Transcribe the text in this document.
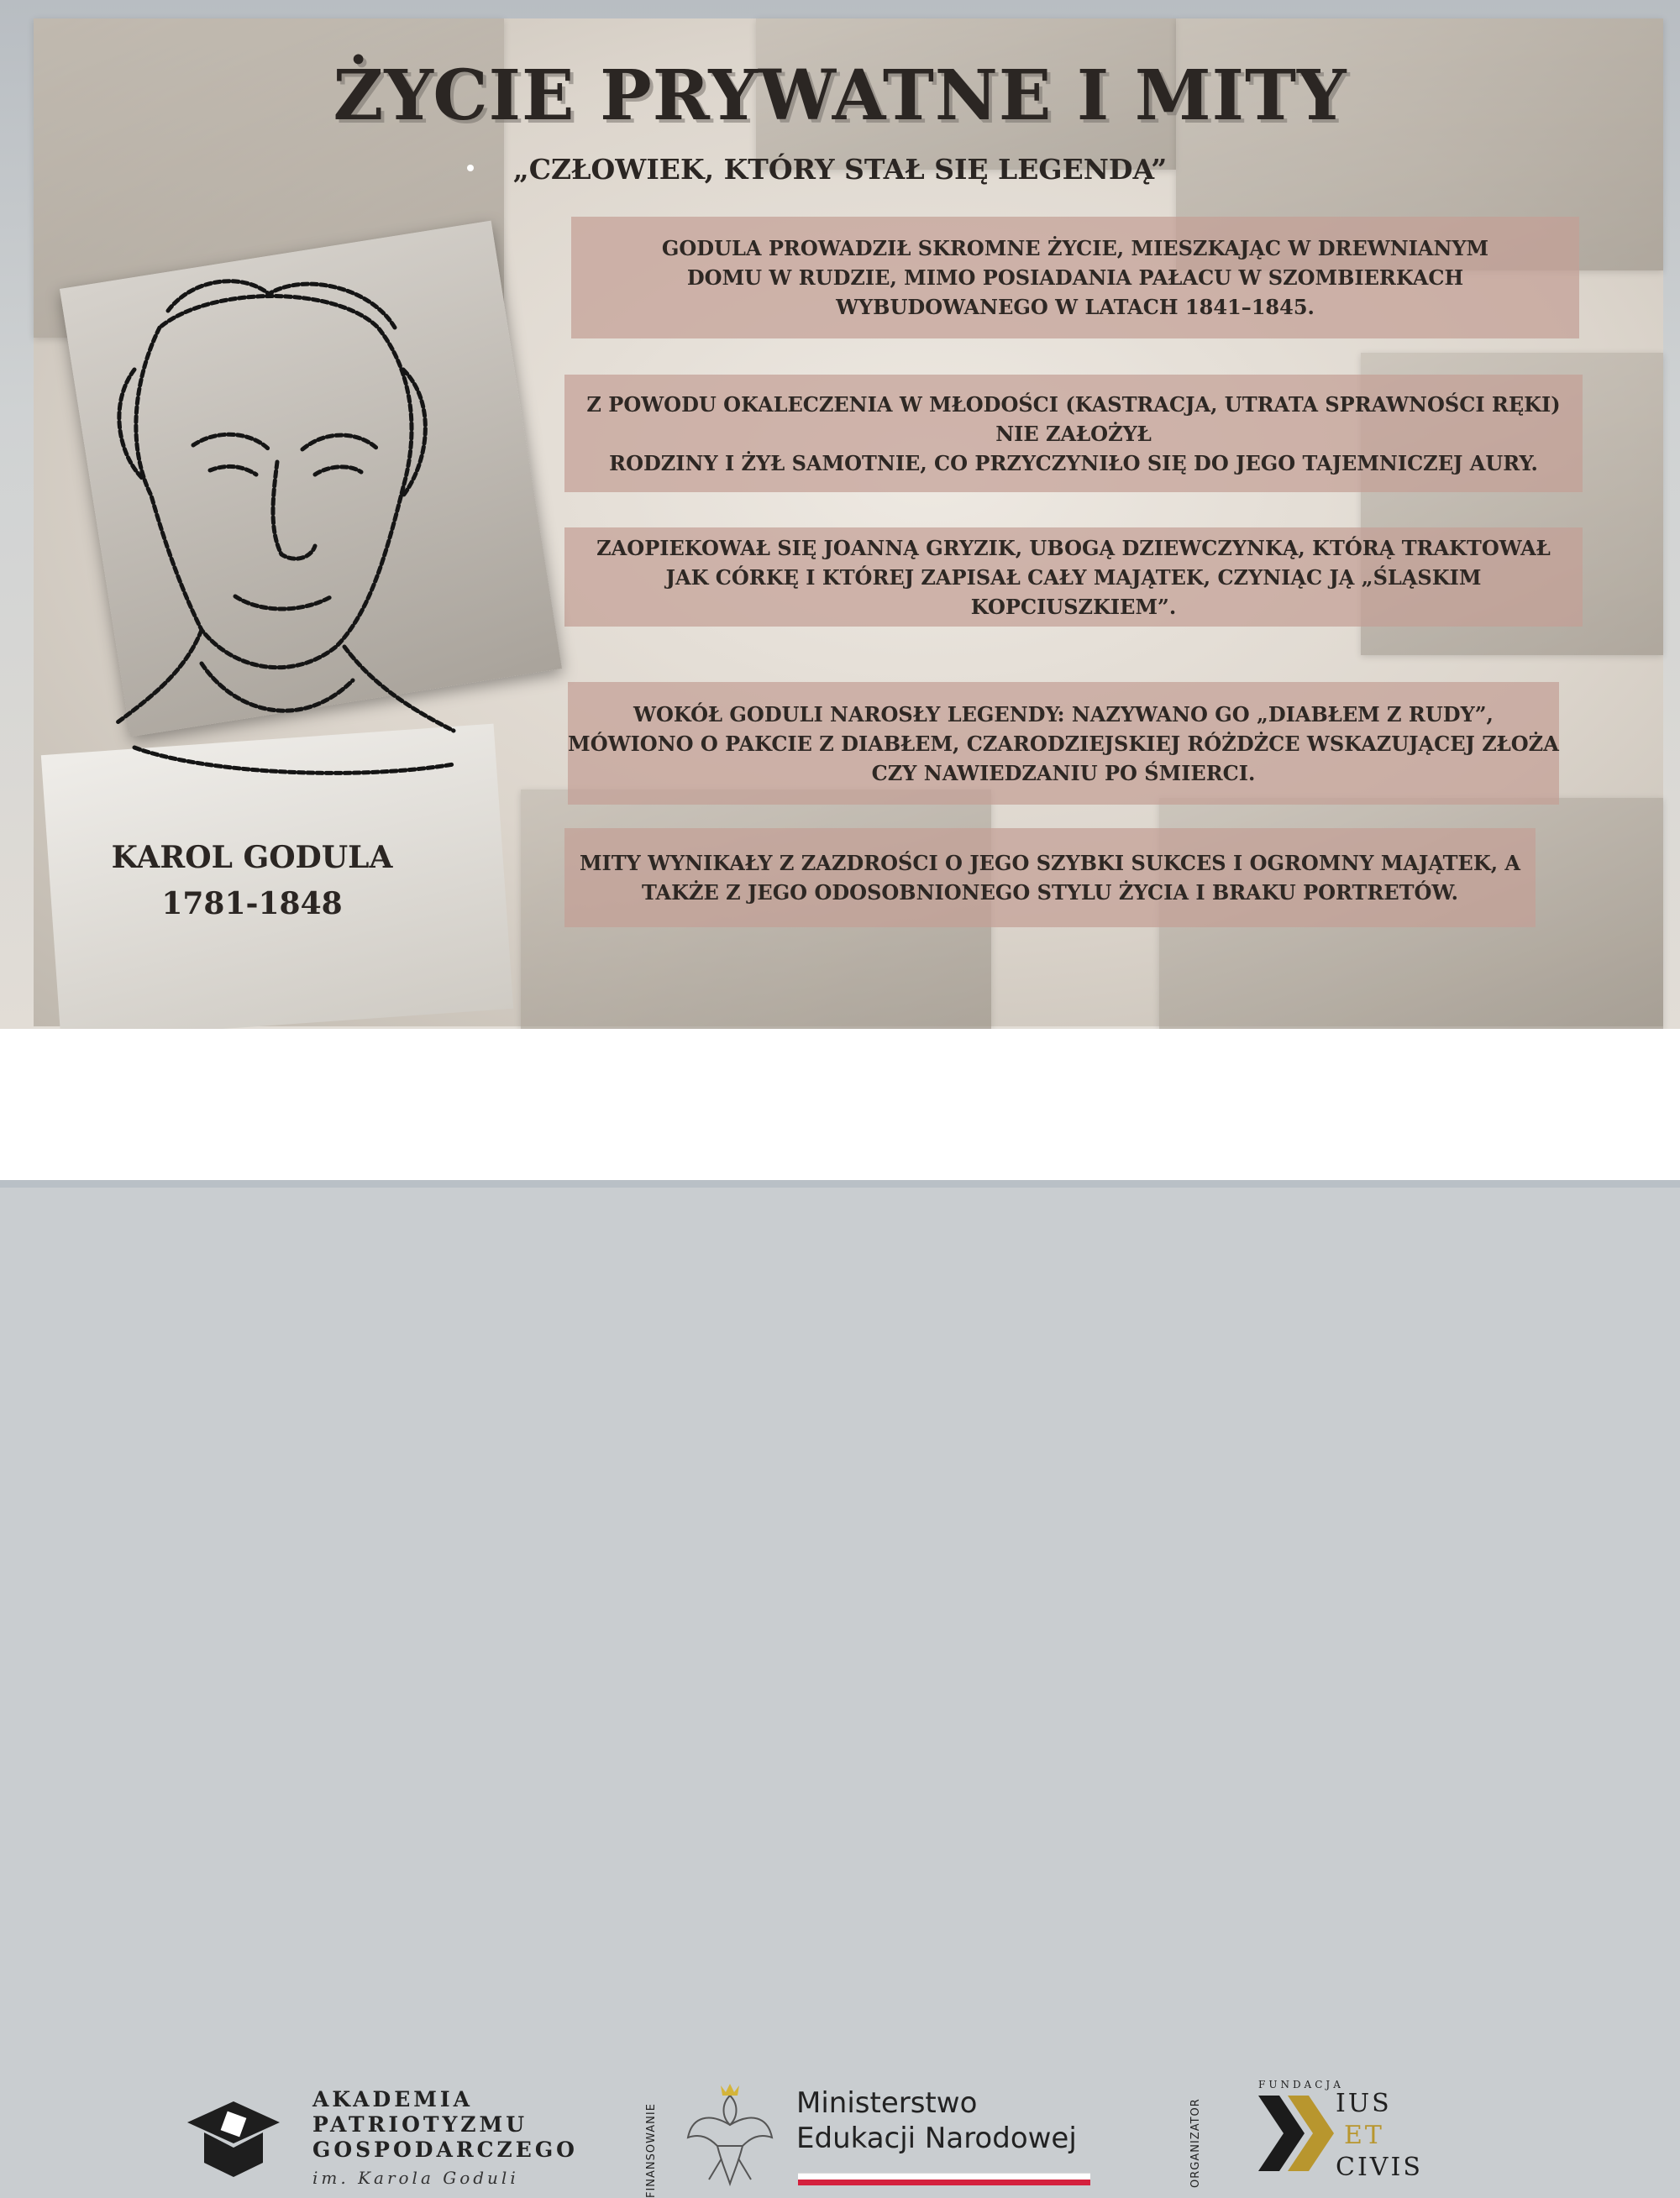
ŻYCIE PRYWATNE I MITY
„CZŁOWIEK, KTÓRY STAŁ SIĘ LEGENDĄ”
GODULA PROWADZIŁ SKROMNE ŻYCIE, MIESZKAJĄC W DREWNIANYM
DOMU W RUDZIE, MIMO POSIADANIA PAŁACU W SZOMBIERKACH
WYBUDOWANEGO W LATACH 1841–1845.
Z POWODU OKALECZENIA W MŁODOŚCI (KASTRACJA, UTRATA SPRAWNOŚCI RĘKI)
NIE ZAŁOŻYŁ
RODZINY I ŻYŁ SAMOTNIE, CO PRZYCZYNIŁO SIĘ DO JEGO TAJEMNICZEJ AURY.
ZAOPIEKOWAŁ SIĘ JOANNĄ GRYZIK, UBOGĄ DZIEWCZYNKĄ, KTÓRĄ TRAKTOWAŁ
JAK CÓRKĘ I KTÓREJ ZAPISAŁ CAŁY MAJĄTEK, CZYNIĄC JĄ „ŚLĄSKIM KOPCIUSZKIEM”.
WOKÓŁ GODULI NAROSŁY LEGENDY: NAZYWANO GO „DIABŁEM Z RUDY”,
MÓWIONO O PAKCIE Z DIABŁEM, CZARODZIEJSKIEJ RÓŻDŻCE WSKAZUJĄCEJ ZŁOŻA
CZY NAWIEDZANIU PO ŚMIERCI.
MITY WYNIKAŁY Z ZAZDROŚCI O JEGO SZYBKI SUKCES I OGROMNY MAJĄTEK, A
TAKŻE Z JEGO ODOSOBNIONEGO STYLU ŻYCIA I BRAKU PORTRETÓW.
KAROL GODULA
1781-1848
AKADEMIA
PATRIOTYZMU
GOSPODARCZEGO
im. Karola Goduli	FINANSOWANIE
Ministerstwo
Edukacji Narodowej	ORGANIZATOR
FUNDACJA
IUS
ET
CIVIS
